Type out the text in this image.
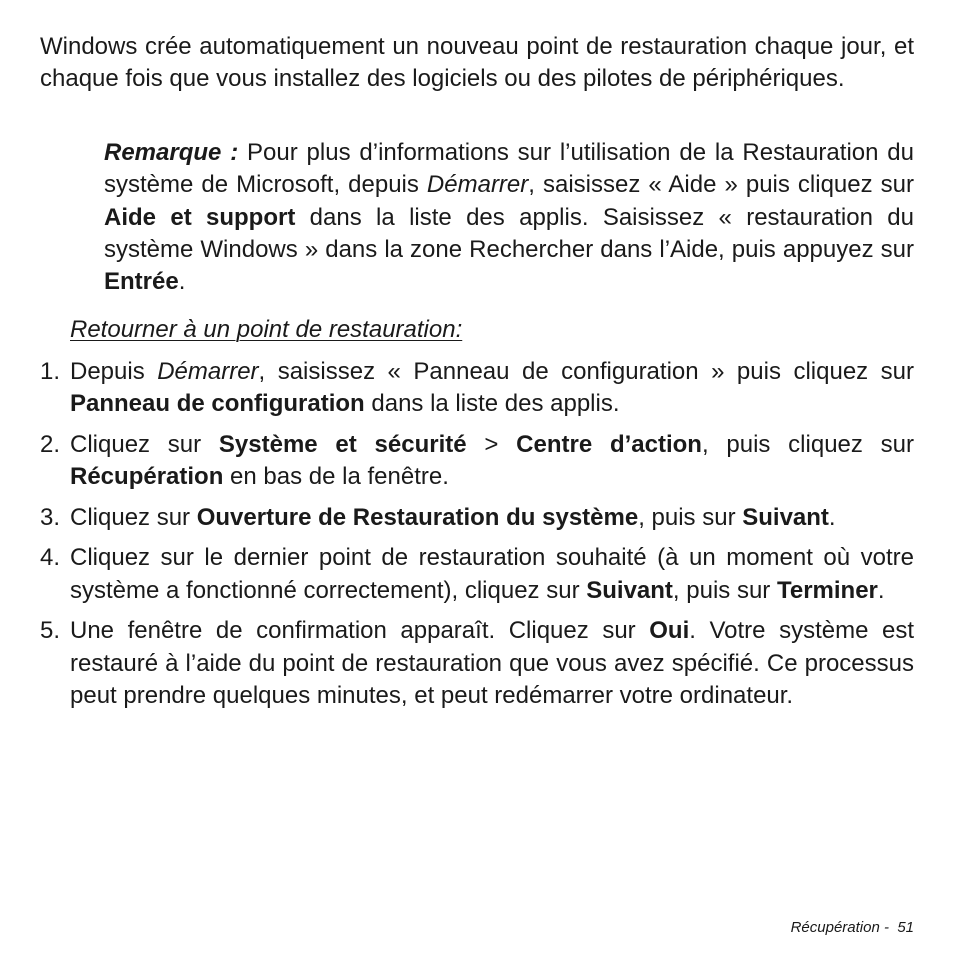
Windows crée automatiquement un nouveau point de restauration chaque jour, et chaque fois que vous installez des logiciels ou des pilotes de périphériques.

Remarque : Pour plus d’informations sur l’utilisation de la Restauration du système de Microsoft, depuis Démarrer, saisissez « Aide » puis cliquez sur Aide et support dans la liste des applis. Saisissez « restauration du système Windows » dans la zone Rechercher dans l’Aide, puis appuyez sur Entrée.

Retourner à un point de restauration:
1. Depuis Démarrer, saisissez « Panneau de configuration » puis cliquez sur Panneau de configuration dans la liste des applis.

2. Cliquez sur Système et sécurité > Centre d’action, puis cliquez sur Récupération en bas de la fenêtre.

3. Cliquez sur Ouverture de Restauration du système, puis sur Suivant.

4. Cliquez sur le dernier point de restauration souhaité (à un moment où votre système a fonctionné correctement), cliquez sur Suivant, puis sur Terminer.

5. Une fenêtre de confirmation apparaît. Cliquez sur Oui. Votre système est restauré à l’aide du point de restauration que vous avez spécifié. Ce processus peut prendre quelques minutes, et peut redémarrer votre ordinateur.

Récupération - 51
